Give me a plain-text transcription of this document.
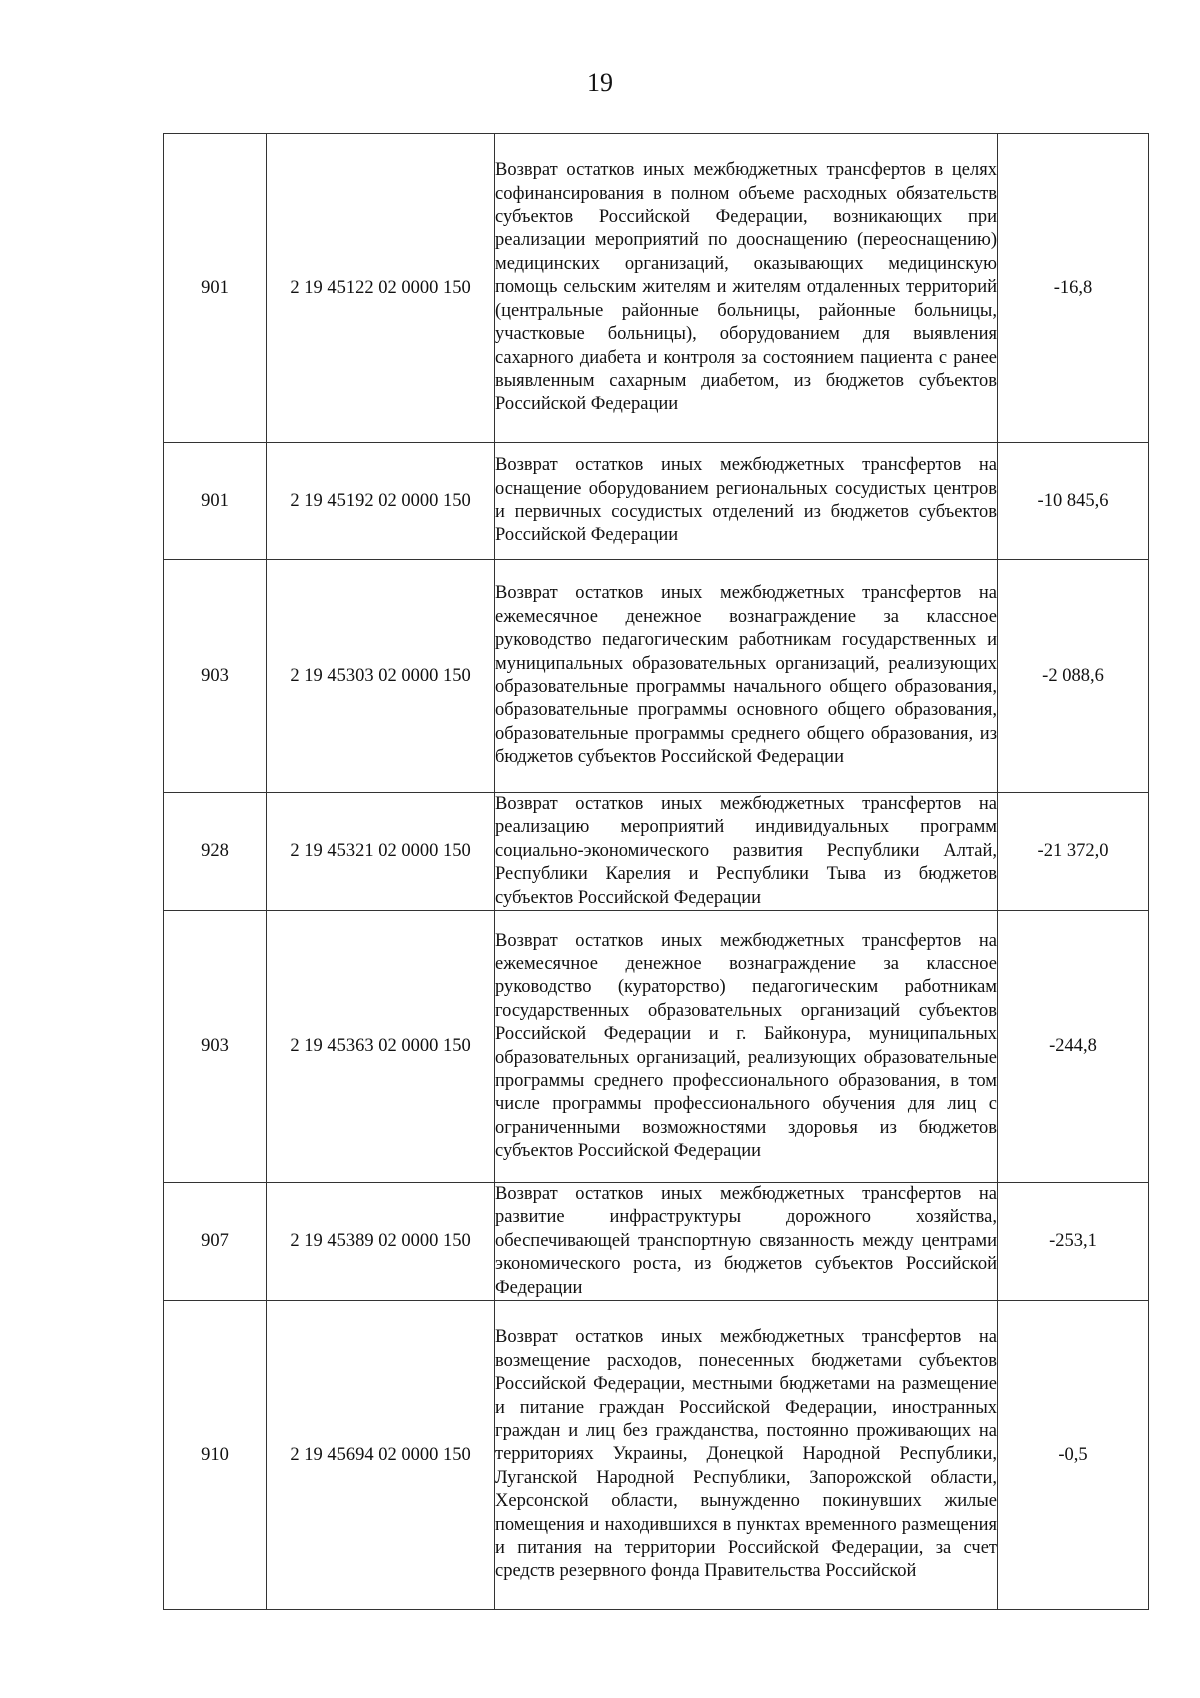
19
901	2 19 45122 02 0000 150	Возврат остатков иных межбюджетных трансфертов в целях софинансирования в полном объеме расходных обязательств субъектов Российской Федерации, возникающих при реализации мероприятий по дооснащению (переоснащению) медицинских организаций, оказывающих медицинскую помощь сельским жителям и жителям отдаленных территорий (центральные районные больницы, районные больницы, участковые больницы), оборудованием для выявления сахарного диабета и контроля за состоянием пациента с ранее выявленным сахарным диабетом, из бюджетов субъектов Российской Федерации	-16,8
901	2 19 45192 02 0000 150	Возврат остатков иных межбюджетных трансфертов на оснащение оборудованием региональных сосудистых центров и первичных сосудистых отделений из бюджетов субъектов Российской Федерации	-10 845,6
903	2 19 45303 02 0000 150	Возврат остатков иных межбюджетных трансфертов на ежемесячное денежное вознаграждение за классное руководство педагогическим работникам государственных и муниципальных образовательных организаций, реализующих образовательные программы начального общего образования, образовательные программы основного общего образования, образовательные программы среднего общего образования, из бюджетов субъектов Российской Федерации	-2 088,6
928	2 19 45321 02 0000 150	Возврат остатков иных межбюджетных трансфертов на реализацию мероприятий индивидуальных программ социально-экономического развития Республики Алтай, Республики Карелия и Республики Тыва из бюджетов субъектов Российской Федерации	-21 372,0
903	2 19 45363 02 0000 150	Возврат остатков иных межбюджетных трансфертов на ежемесячное денежное вознаграждение за классное руководство (кураторство) педагогическим работникам государственных образовательных организаций субъектов Российской Федерации и г. Байконура, муниципальных образовательных организаций, реализующих образовательные программы среднего профессионального образования, в том числе программы профессионального обучения для лиц с ограниченными возможностями здоровья из бюджетов субъектов Российской Федерации	-244,8
907	2 19 45389 02 0000 150	Возврат остатков иных межбюджетных трансфертов на развитие инфраструктуры дорожного хозяйства, обеспечивающей транспортную связанность между центрами экономического роста, из бюджетов субъектов Российской Федерации	-253,1
910	2 19 45694 02 0000 150	Возврат остатков иных межбюджетных трансфертов на возмещение расходов, понесенных бюджетами субъектов Российской Федерации, местными бюджетами на размещение и питание граждан Российской Федерации, иностранных граждан и лиц без гражданства, постоянно проживающих на территориях Украины, Донецкой Народной Республики, Луганской Народной Республики, Запорожской области, Херсонской области, вынужденно покинувших жилые помещения и находившихся в пунктах временного размещения и питания на территории Российской Федерации, за счет средств резервного фонда Правительства Российской	-0,5
